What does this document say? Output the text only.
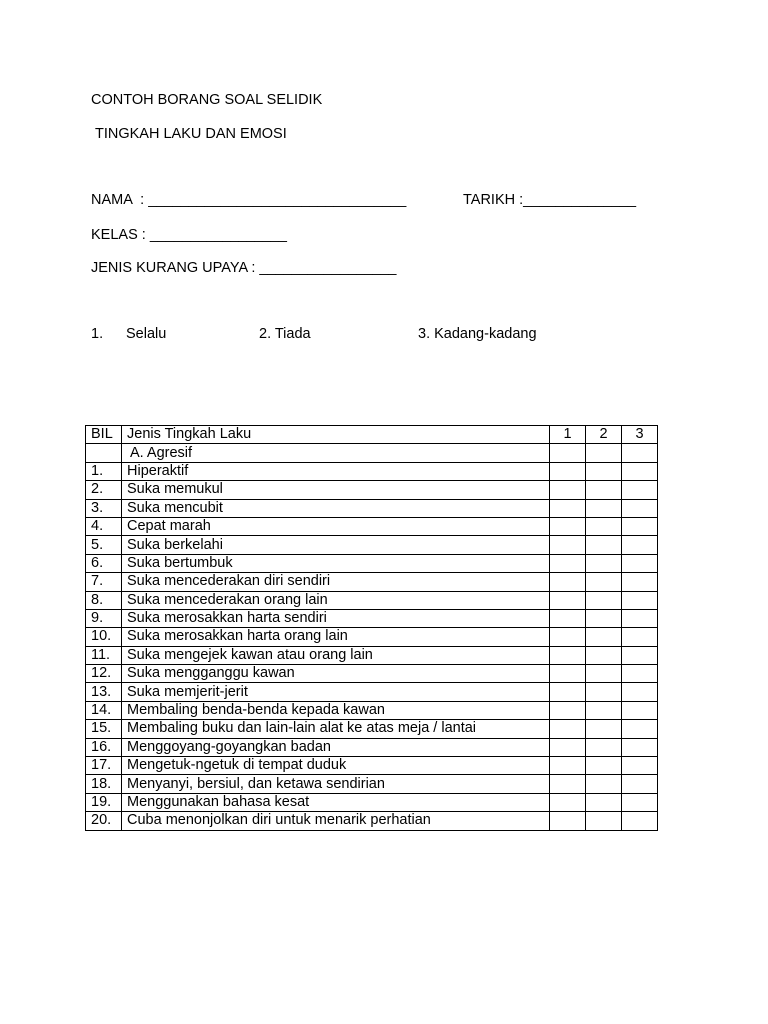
CONTOH BORANG SOAL SELIDIK
TINGKAH LAKU DAN EMOSI
NAMA  : ________________________________	TARIKH :______________
KELAS : _________________
JENIS KURANG UPAYA : _________________
1. Selalu	2. Tiada	3. Kadang-kadang
BIL	Jenis Tingkah Laku	1	2	3
	A. Agresif			
1.	Hiperaktif			
2.	Suka memukul			
3.	Suka mencubit			
4.	Cepat marah			
5.	Suka berkelahi			
6.	Suka bertumbuk			
7.	Suka mencederakan diri sendiri			
8.	Suka mencederakan orang lain			
9.	Suka merosakkan harta sendiri			
10.	Suka merosakkan harta orang lain			
11.	Suka mengejek kawan atau orang lain			
12.	Suka mengganggu kawan			
13.	Suka memjerit-jerit			
14.	Membaling benda-benda kepada kawan			
15.	Membaling buku dan lain-lain alat ke atas meja / lantai			
16.	Menggoyang-goyangkan badan			
17.	Mengetuk-ngetuk di tempat duduk			
18.	Menyanyi, bersiul, dan ketawa sendirian			
19.	Menggunakan bahasa kesat			
20.	Cuba menonjolkan diri untuk menarik perhatian			
